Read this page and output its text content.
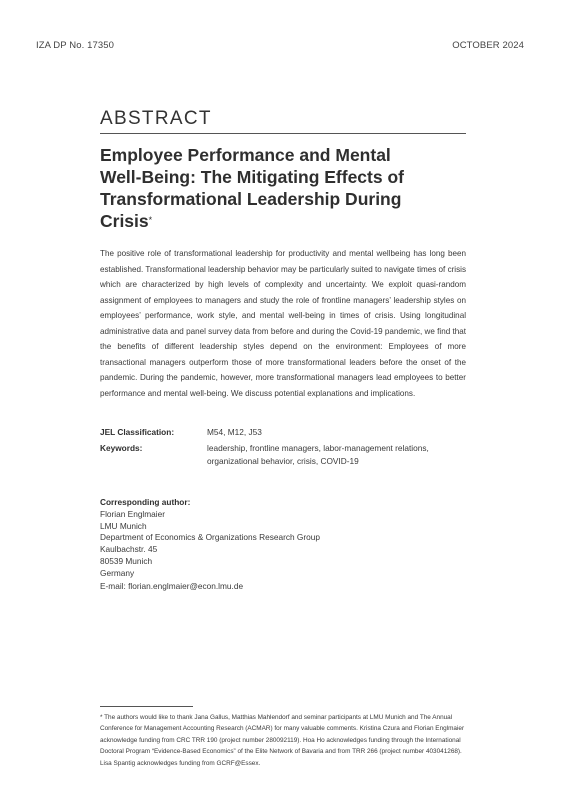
IZA DP No. 17350	OCTOBER 2024
ABSTRACT
Employee Performance and Mental Well-Being: The Mitigating Effects of Transformational Leadership During Crisis*

The positive role of transformational leadership for productivity and mental wellbeing has long been established. Transformational leadership behavior may be particularly suited to navigate times of crisis which are characterized by high levels of complexity and uncertainty. We exploit quasi-random assignment of employees to managers and study the role of frontline managers’ leadership styles on employees’ performance, work style, and mental well-being in times of crisis. Using longitudinal administrative data and panel survey data from before and during the Covid-19 pandemic, we find that the benefits of different leadership styles depend on the environment: Employees of more transactional managers outperform those of more transformational leaders before the onset of the pandemic. During the pandemic, however, more transformational managers lead employees to better performance and mental well-being. We discuss potential explanations and implications.

JEL Classification:	M54, M12, J53
Keywords:	leadership, frontline managers, labor-management relations, organizational behavior, crisis, COVID-19
Corresponding author:
Florian Englmaier
LMU Munich
Department of Economics & Organizations Research Group
Kaulbachstr. 45
80539 Munich
Germany
E-mail: florian.englmaier@econ.lmu.de

* The authors would like to thank Jana Gallus, Matthias Mahlendorf and seminar participants at LMU Munich and The Annual Conference for Management Accounting Research (ACMAR) for many valuable comments. Kristina Czura and Florian Englmaier acknowledge funding from CRC TRR 190 (project number 280092119). Hoa Ho acknowledges funding through the International Doctoral Program “Evidence-Based Economics” of the Elite Network of Bavaria and from TRR 266 (project number 403041268). Lisa Spantig acknowledges funding from GCRF@Essex.
